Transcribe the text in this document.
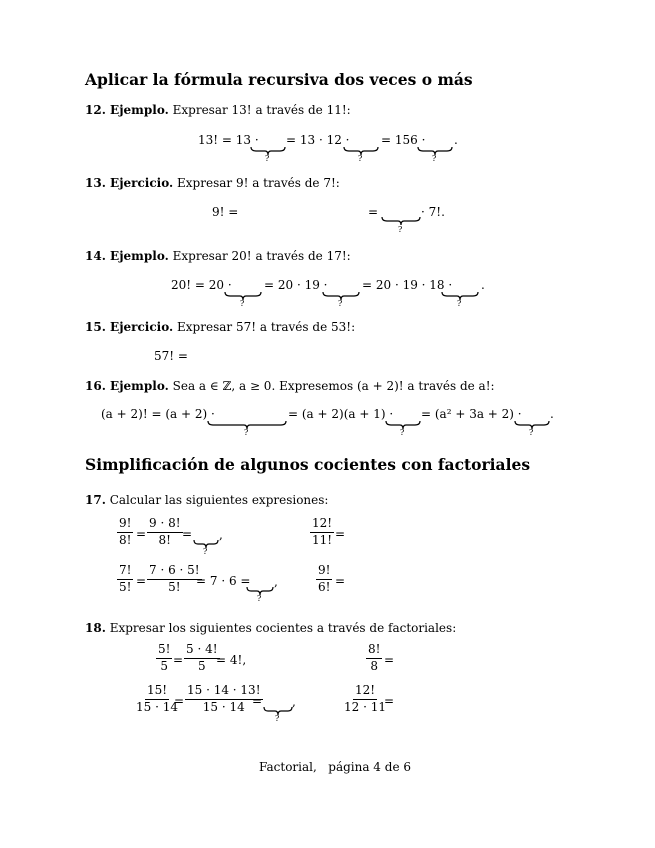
Aplicar la fórmula recursiva dos veces o más
12. Ejemplo. Expresar 13! a través de 11!:
13! = 13 ·
?
= 13 · 12 ·
?
= 156 ·
?
.
13. Ejercicio. Expresar 9! a través de 7!:
9! =	=
?
· 7!.
14. Ejemplo. Expresar 20! a través de 17!:
20! = 20 ·
?
= 20 · 19 ·
?
= 20 · 19 · 18 ·
?
.
15. Ejercicio. Expresar 57! a través de 53!:
57! =
16. Ejemplo. Sea a ∈ ℤ, a ≥ 0. Expresemos (a + 2)! a través de a!:
(a + 2)! = (a + 2) ·
?
= (a + 2)(a + 1) ·
?
= (a² + 3a + 2) ·
?
.
Simplificación de algunos cocientes con factoriales
17. Calcular las siguientes expresiones:
$\frac{9!}{8!} = \frac{9 \cdot 8!}{8!}$ =
?
,	$\frac{12!}{11!}$ =
$\frac{7!}{5!} = \frac{7 \cdot 6 \cdot 5!}{5!}$
= 7 · 6 =
?
,	$\frac{9!}{6!}$ =
18. Expresar los siguientes cocientes a través de factoriales:
$\frac{5!}{5} = \frac{5 \cdot 4!}{5}$
= 4!,	$\frac{8!}{8}$ =
$\frac{15!}{15 \cdot 14}$
= $\frac{15 \cdot 14 \cdot 13!}{15 \cdot 14}$
=
?
,	$\frac{12!}{12 \cdot 11}$
=
Factorial,   página 4 de 6
